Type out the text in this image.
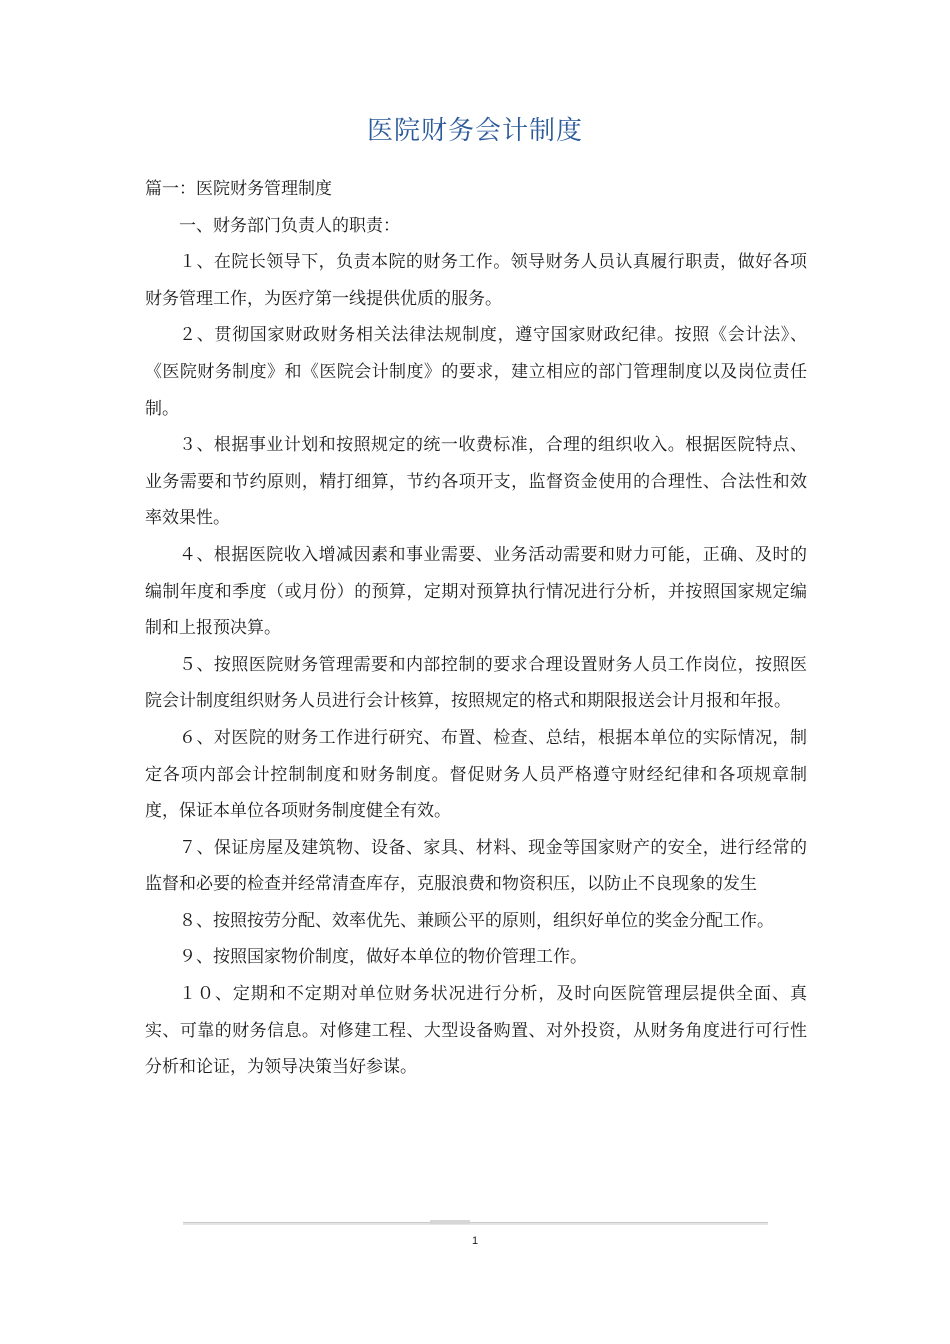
医院财务会计制度

篇一：医院财务管理制度

一、财务部门负责人的职责：

１、在院长领导下，负责本院的财务工作。领导财务人员认真履行职责，做好各项财务管理工作，为医疗第一线提供优质的服务。

２、贯彻国家财政财务相关法律法规制度，遵守国家财政纪律。按照《会计法》、《医院财务制度》和《医院会计制度》的要求，建立相应的部门管理制度以及岗位责任制。

３、根据事业计划和按照规定的统一收费标准，合理的组织收入。根据医院特点、业务需要和节约原则，精打细算，节约各项开支，监督资金使用的合理性、合法性和效率效果性。

４、根据医院收入增减因素和事业需要、业务活动需要和财力可能，正确、及时的编制年度和季度（或月份）的预算，定期对预算执行情况进行分析，并按照国家规定编制和上报预决算。

５、按照医院财务管理需要和内部控制的要求合理设置财务人员工作岗位，按照医院会计制度组织财务人员进行会计核算，按照规定的格式和期限报送会计月报和年报。

６、对医院的财务工作进行研究、布置、检查、总结，根据本单位的实际情况，制定各项内部会计控制制度和财务制度。督促财务人员严格遵守财经纪律和各项规章制度，保证本单位各项财务制度健全有效。

７、保证房屋及建筑物、设备、家具、材料、现金等国家财产的安全，进行经常的监督和必要的检查并经常清查库存，克服浪费和物资积压，以防止不良现象的发生

８、按照按劳分配、效率优先、兼顾公平的原则，组织好单位的奖金分配工作。

９、按照国家物价制度，做好本单位的物价管理工作。

１０、定期和不定期对单位财务状况进行分析，及时向医院管理层提供全面、真实、可靠的财务信息。对修建工程、大型设备购置、对外投资，从财务角度进行可行性分析和论证，为领导决策当好参谋。

1
